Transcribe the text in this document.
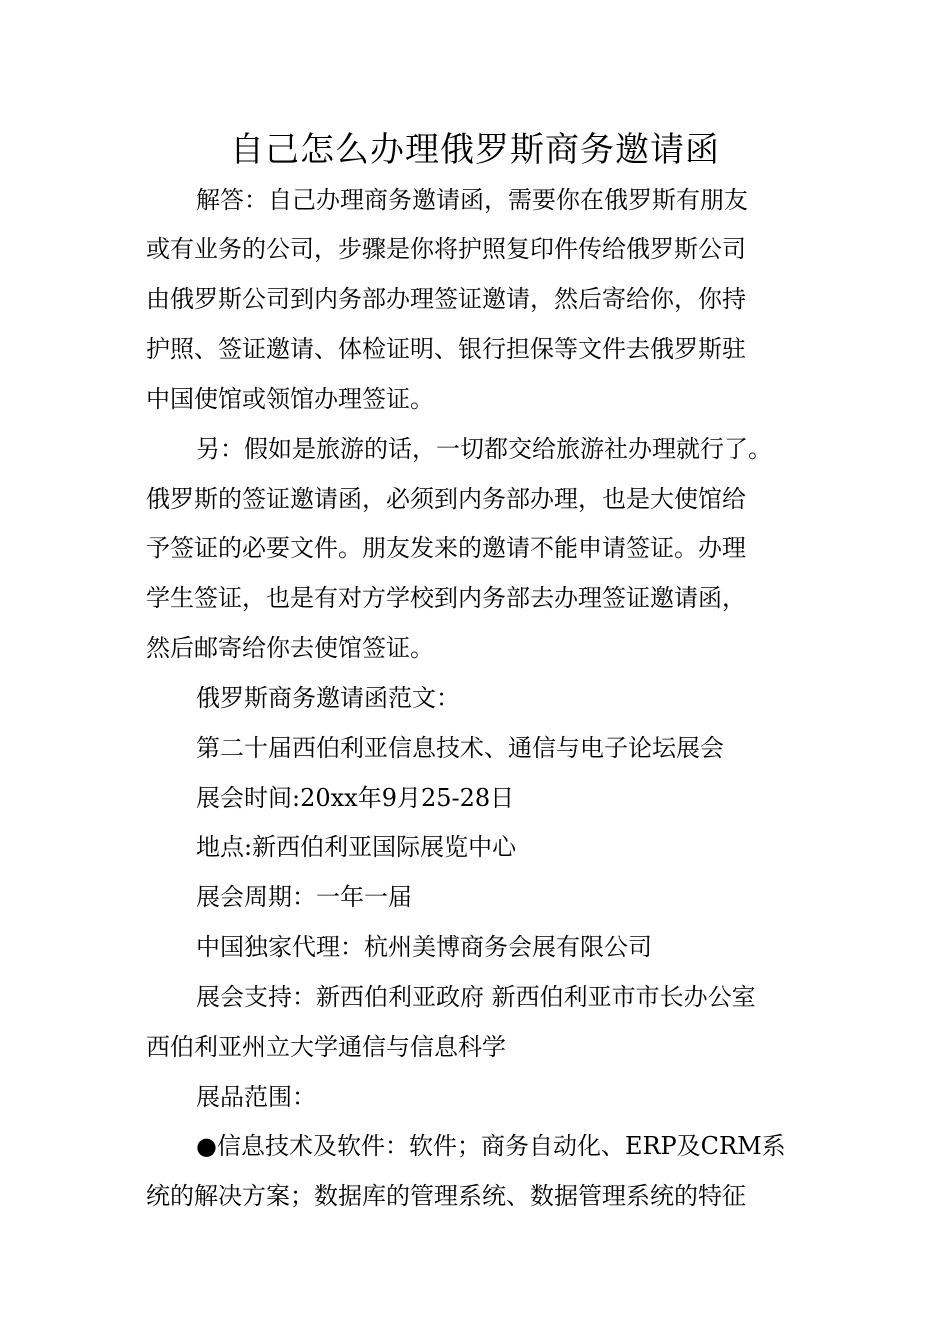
自己怎么办理俄罗斯商务邀请函
解答：自己办理商务邀请函，需要你在俄罗斯有朋友
或有业务的公司，步骤是你将护照复印件传给俄罗斯公司
由俄罗斯公司到内务部办理签证邀请，然后寄给你，你持
护照、签证邀请、体检证明、银行担保等文件去俄罗斯驻
中国使馆或领馆办理签证。
另：假如是旅游的话，一切都交给旅游社办理就行了。
俄罗斯的签证邀请函，必须到内务部办理，也是大使馆给
予签证的必要文件。朋友发来的邀请不能申请签证。办理
学生签证，也是有对方学校到内务部去办理签证邀请函，
然后邮寄给你去使馆签证。
俄罗斯商务邀请函范文：
第二十届西伯利亚信息技术、通信与电子论坛展会
展会时间:20xx年9月25-28日
地点:新西伯利亚国际展览中心
展会周期：一年一届
中国独家代理：杭州美博商务会展有限公司
展会支持：新西伯利亚政府 新西伯利亚市市长办公室
西伯利亚州立大学通信与信息科学
展品范围：
●信息技术及软件：软件；商务自动化、ERP及CRM系
统的解决方案；数据库的管理系统、数据管理系统的特征
